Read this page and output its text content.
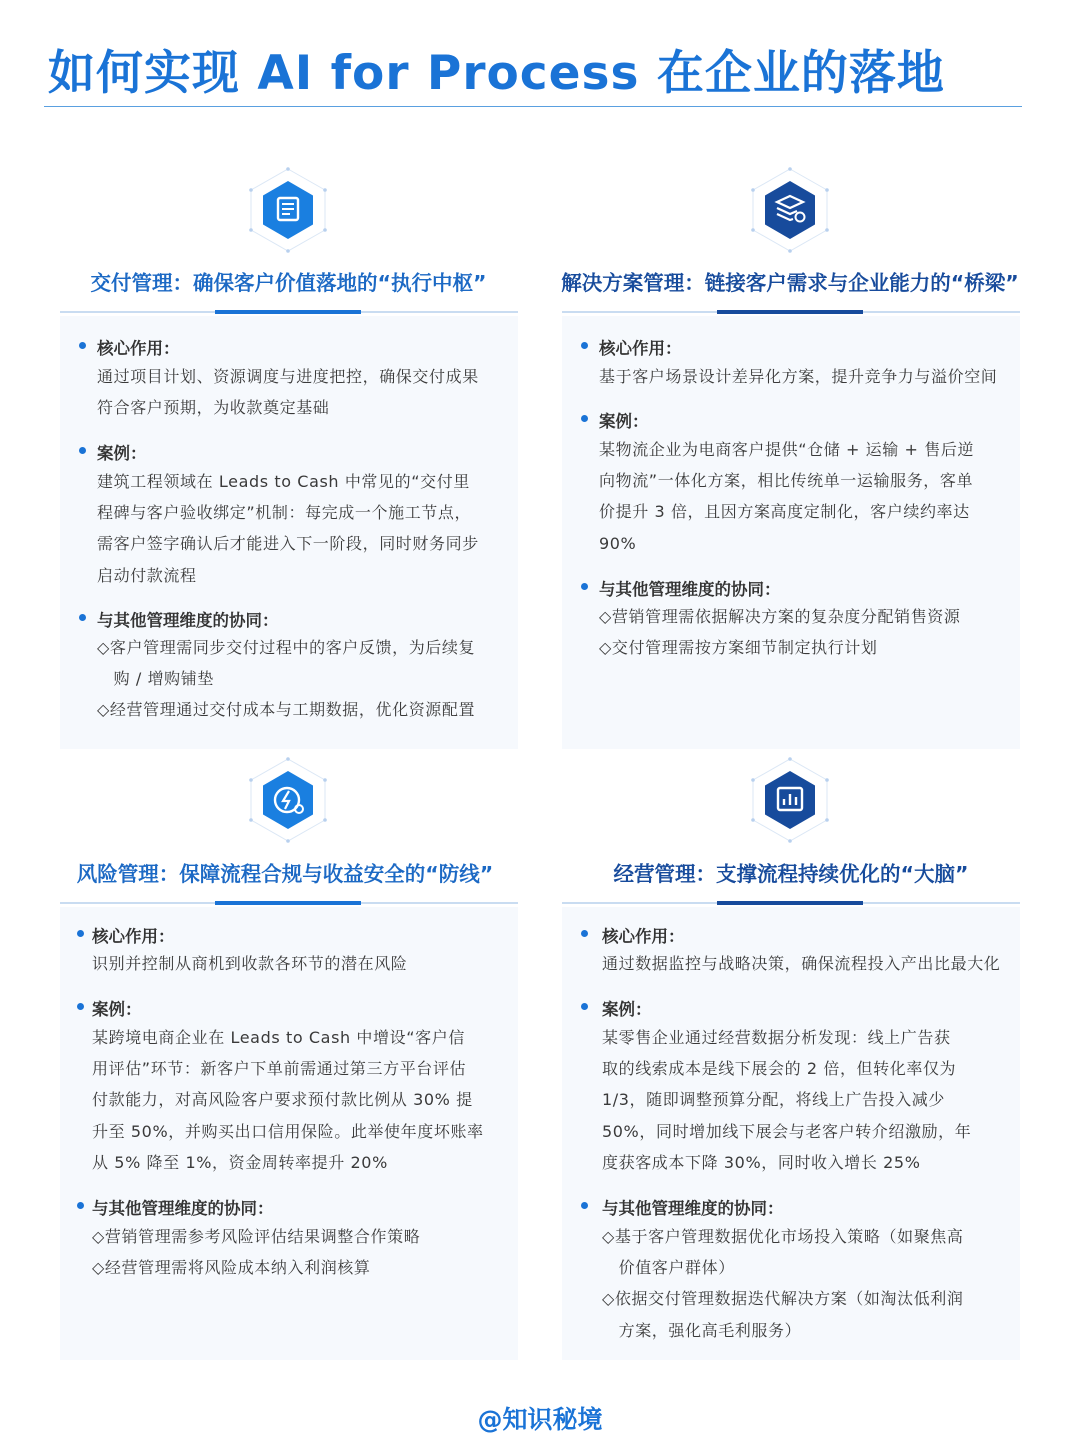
如何实现 AI for Process 在企业的落地
交付管理：确保客户价值落地的“执行中枢”
核心作用：
通过项目计划、资源调度与进度把控，确保交付成果
符合客户预期，为收款奠定基础
案例：
建筑工程领域在 Leads to Cash 中常见的“交付里
程碑与客户验收绑定”机制：每完成一个施工节点，
需客户签字确认后才能进入下一阶段，同时财务同步
启动付款流程
与其他管理维度的协同：
◇客户管理需同步交付过程中的客户反馈，为后续复
　购 / 增购铺垫
◇经营管理通过交付成本与工期数据，优化资源配置
解决方案管理：链接客户需求与企业能力的“桥梁”
核心作用：
基于客户场景设计差异化方案，提升竞争力与溢价空间
案例：
某物流企业为电商客户提供“仓储 + 运输 + 售后逆
向物流”一体化方案，相比传统单一运输服务，客单
价提升 3 倍，且因方案高度定制化，客户续约率达
90%
与其他管理维度的协同：
◇营销管理需依据解决方案的复杂度分配销售资源
◇交付管理需按方案细节制定执行计划
风险管理：保障流程合规与收益安全的“防线”
核心作用：
识别并控制从商机到收款各环节的潜在风险
案例：
某跨境电商企业在 Leads to Cash 中增设“客户信
用评估”环节：新客户下单前需通过第三方平台评估
付款能力，对高风险客户要求预付款比例从 30% 提
升至 50%，并购买出口信用保险。此举使年度坏账率
从 5% 降至 1%，资金周转率提升 20%
与其他管理维度的协同：
◇营销管理需参考风险评估结果调整合作策略
◇经营管理需将风险成本纳入利润核算
经营管理：支撑流程持续优化的“大脑”
核心作用：
通过数据监控与战略决策，确保流程投入产出比最大化
案例：
某零售企业通过经营数据分析发现：线上广告获
取的线索成本是线下展会的 2 倍，但转化率仅为
1/3，随即调整预算分配，将线上广告投入减少
50%，同时增加线下展会与老客户转介绍激励，年
度获客成本下降 30%，同时收入增长 25%
与其他管理维度的协同：
◇基于客户管理数据优化市场投入策略（如聚焦高
　价值客户群体）
◇依据交付管理数据迭代解决方案（如淘汰低利润
　方案，强化高毛利服务）
@知识秘境
